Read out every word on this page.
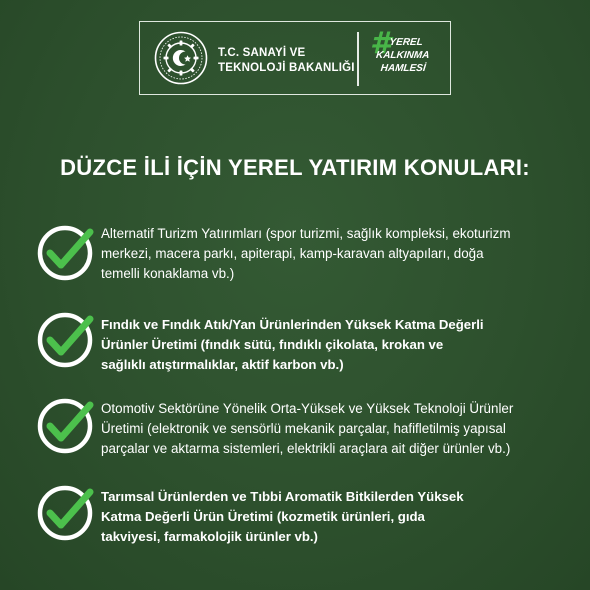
T.C. SANAYİ VE
TEKNOLOJİ BAKANLIĞI
#
YEREL
KALKINMA
HAMLESİ
DÜZCE İLİ İÇİN YEREL YATIRIM KONULARI:
Alternatif Turizm Yatırımları (spor turizmi, sağlık kompleksi, ekoturizm
merkezi, macera parkı, apiterapi, kamp-karavan altyapıları, doğa
temelli konaklama vb.)
Fındık ve Fındık Atık/Yan Ürünlerinden Yüksek Katma Değerli
Ürünler Üretimi (fındık sütü, fındıklı çikolata, krokan ve
sağlıklı atıştırmalıklar, aktif karbon vb.)
Otomotiv Sektörüne Yönelik Orta-Yüksek ve Yüksek Teknoloji Ürünler
Üretimi (elektronik ve sensörlü mekanik parçalar, hafifletilmiş yapısal
parçalar ve aktarma sistemleri, elektrikli araçlara ait diğer ürünler vb.)
Tarımsal Ürünlerden ve Tıbbi Aromatik Bitkilerden Yüksek
Katma Değerli Ürün Üretimi (kozmetik ürünleri, gıda
takviyesi, farmakolojik ürünler vb.)
